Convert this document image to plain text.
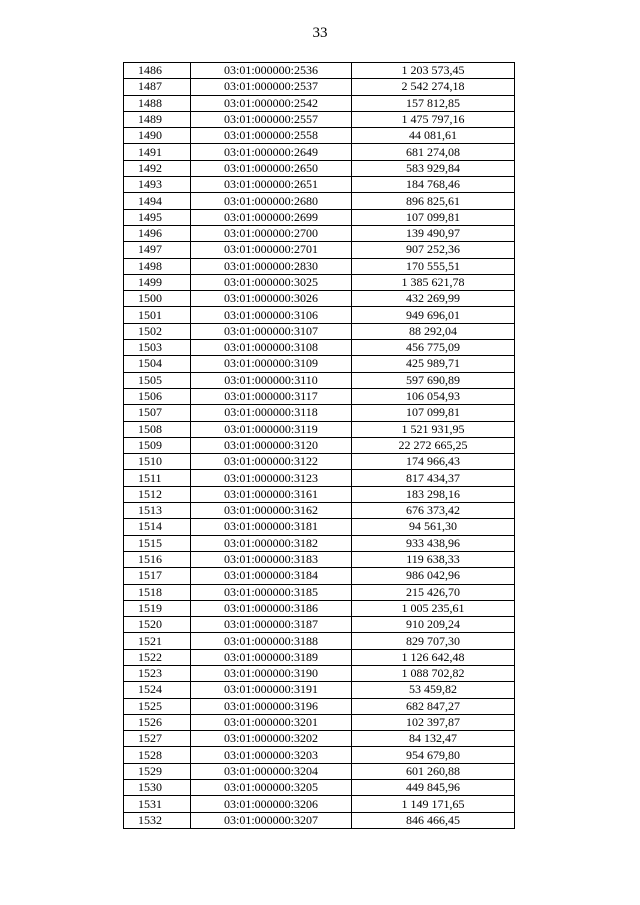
33
1486	03:01:000000:2536	1 203 573,45
1487	03:01:000000:2537	2 542 274,18
1488	03:01:000000:2542	157 812,85
1489	03:01:000000:2557	1 475 797,16
1490	03:01:000000:2558	44 081,61
1491	03:01:000000:2649	681 274,08
1492	03:01:000000:2650	583 929,84
1493	03:01:000000:2651	184 768,46
1494	03:01:000000:2680	896 825,61
1495	03:01:000000:2699	107 099,81
1496	03:01:000000:2700	139 490,97
1497	03:01:000000:2701	907 252,36
1498	03:01:000000:2830	170 555,51
1499	03:01:000000:3025	1 385 621,78
1500	03:01:000000:3026	432 269,99
1501	03:01:000000:3106	949 696,01
1502	03:01:000000:3107	88 292,04
1503	03:01:000000:3108	456 775,09
1504	03:01:000000:3109	425 989,71
1505	03:01:000000:3110	597 690,89
1506	03:01:000000:3117	106 054,93
1507	03:01:000000:3118	107 099,81
1508	03:01:000000:3119	1 521 931,95
1509	03:01:000000:3120	22 272 665,25
1510	03:01:000000:3122	174 966,43
1511	03:01:000000:3123	817 434,37
1512	03:01:000000:3161	183 298,16
1513	03:01:000000:3162	676 373,42
1514	03:01:000000:3181	94 561,30
1515	03:01:000000:3182	933 438,96
1516	03:01:000000:3183	119 638,33
1517	03:01:000000:3184	986 042,96
1518	03:01:000000:3185	215 426,70
1519	03:01:000000:3186	1 005 235,61
1520	03:01:000000:3187	910 209,24
1521	03:01:000000:3188	829 707,30
1522	03:01:000000:3189	1 126 642,48
1523	03:01:000000:3190	1 088 702,82
1524	03:01:000000:3191	53 459,82
1525	03:01:000000:3196	682 847,27
1526	03:01:000000:3201	102 397,87
1527	03:01:000000:3202	84 132,47
1528	03:01:000000:3203	954 679,80
1529	03:01:000000:3204	601 260,88
1530	03:01:000000:3205	449 845,96
1531	03:01:000000:3206	1 149 171,65
1532	03:01:000000:3207	846 466,45
